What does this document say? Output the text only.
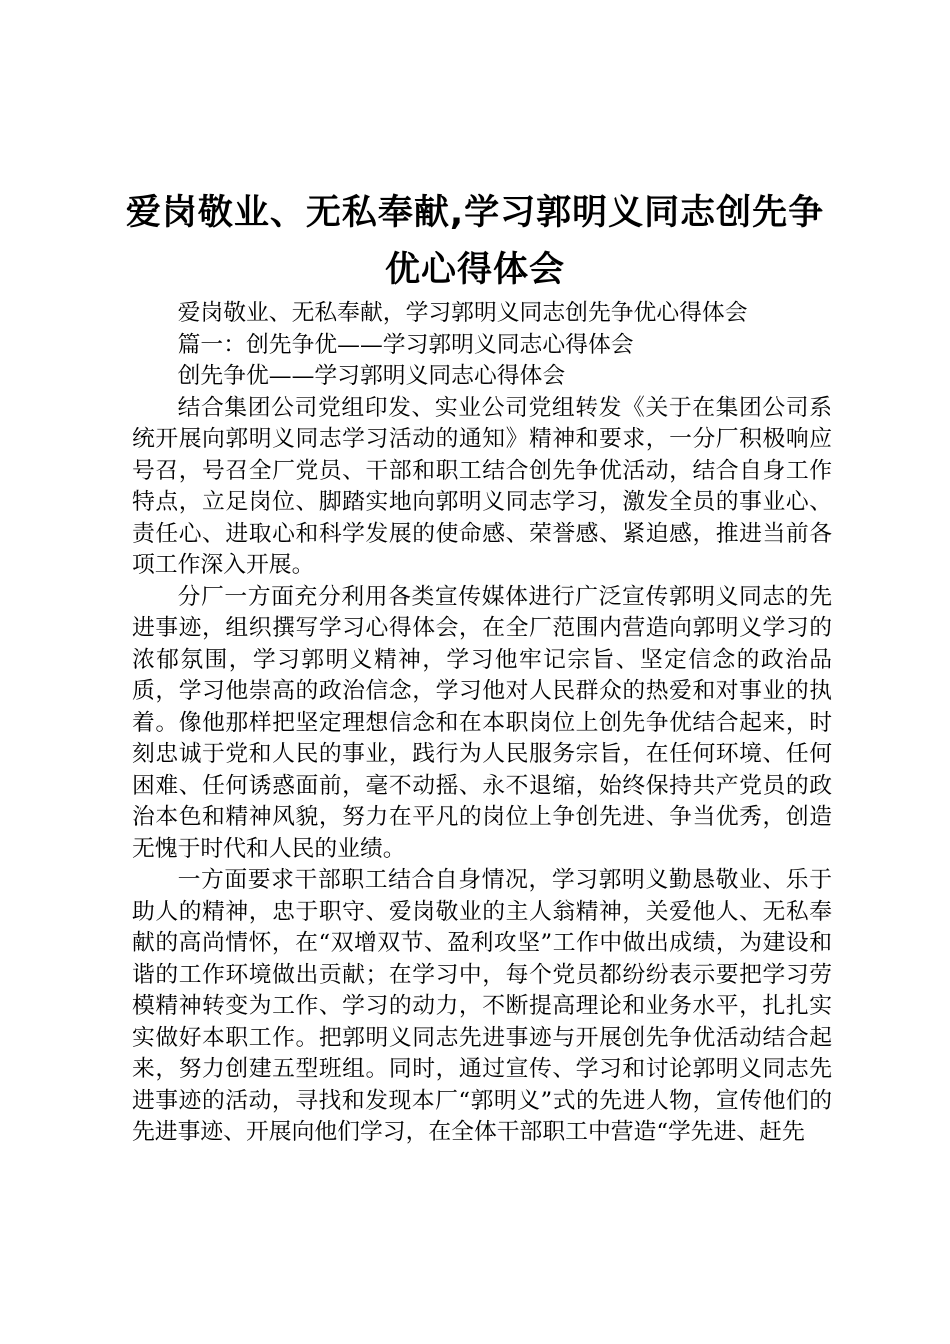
爱岗敬业、无私奉献,学习郭明义同志创先争
优心得体会

爱岗敬业、无私奉献，学习郭明义同志创先争优心得体会

篇一：创先争优——学习郭明义同志心得体会

创先争优——学习郭明义同志心得体会

结合集团公司党组印发、实业公司党组转发《关于在集团公司系统开展向郭明义同志学习活动的通知》精神和要求，一分厂积极响应号召，号召全厂党员、干部和职工结合创先争优活动，结合自身工作特点，立足岗位、脚踏实地向郭明义同志学习，激发全员的事业心、责任心、进取心和科学发展的使命感、荣誉感、紧迫感，推进当前各项工作深入开展。

分厂一方面充分利用各类宣传媒体进行广泛宣传郭明义同志的先进事迹，组织撰写学习心得体会，在全厂范围内营造向郭明义学习的浓郁氛围，学习郭明义精神，学习他牢记宗旨、坚定信念的政治品质，学习他崇高的政治信念，学习他对人民群众的热爱和对事业的执着。像他那样把坚定理想信念和在本职岗位上创先争优结合起来，时刻忠诚于党和人民的事业，践行为人民服务宗旨，在任何环境、任何困难、任何诱惑面前，毫不动摇、永不退缩，始终保持共产党员的政治本色和精神风貌，努力在平凡的岗位上争创先进、争当优秀，创造无愧于时代和人民的业绩。

一方面要求干部职工结合自身情况，学习郭明义勤恳敬业、乐于助人的精神，忠于职守、爱岗敬业的主人翁精神，关爱他人、无私奉献的高尚情怀，在“双增双节、盈利攻坚”工作中做出成绩，为建设和谐的工作环境做出贡献；在学习中，每个党员都纷纷表示要把学习劳模精神转变为工作、学习的动力，不断提高理论和业务水平，扎扎实实做好本职工作。把郭明义同志先进事迹与开展创先争优活动结合起来，努力创建五型班组。同时，通过宣传、学习和讨论郭明义同志先进事迹的活动，寻找和发现本厂“郭明义”式的先进人物，宣传他们的先进事迹、开展向他们学习，在全体干部职工中营造“学先进、赶先
